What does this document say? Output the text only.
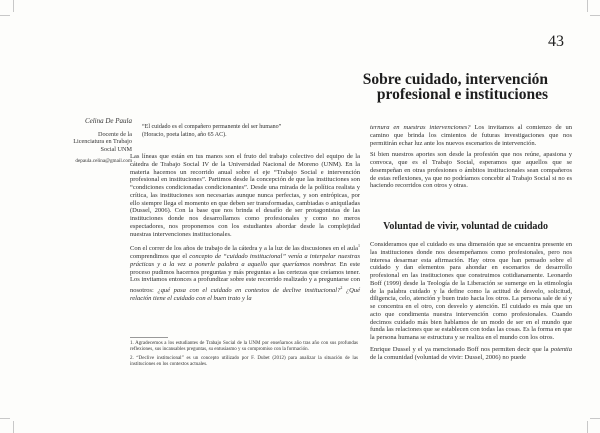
43
Sobre cuidado, intervención
profesional e instituciones
Celina De Paula
Docente de la
Licenciatura en Trabajo
Social UNM
depaula.celina@gmail.com
“El cuidado es el compañero permanente del ser humano”
(Horacio, poeta latino, año 65 AC).

Las líneas que están en tus manos son el fruto del trabajo colectivo del equipo de la cátedra de Trabajo Social IV de la Universidad Nacional de Moreno (UNM). En la materia hacemos un recorrido anual sobre el eje “Trabajo Social e intervención profesional en instituciones”. Partimos desde la concepción de que las instituciones son “condiciones condicionadas condicionantes”. Desde una mirada de la política realista y crítica, las instituciones son necesarias aunque nunca perfectas, y son entrópicas, por ello siempre llega el momento en que deben ser transformadas, cambiadas o aniquiladas (Dussel, 2006). Con la base que nos brinda el desafío de ser protagonistas de las instituciones donde nos desarrollamos como profesionales y como no meros espectadores, nos proponemos con los estudiantes abordar desde la complejidad nuestras intervenciones institucionales.

Con el correr de los años de trabajo de la cátedra y a la luz de las discusiones en el aula$^1$ comprendimos que el concepto de “cuidado institucional” venía a interpelar nuestras prácticas y a la vez a ponerle palabra a aquello que queríamos nombrar. En este proceso pudimos hacernos preguntas y más preguntas a las certezas que creíamos tener. Los invitamos entonces a profundizar sobre este recorrido realizado y a preguntarse con nosotros: ¿qué pasa con el cuidado en contextos de declive institucional?$^2$ ¿Qué relación tiene el cuidado con el buen trato y la

ternura en nuestras intervenciones? Los invitamos al comienzo de un camino que brinda los cimientos de futuras investigaciones que nos permitirán echar luz ante los nuevos escenarios de intervención.

Si bien nuestros aportes son desde la profesión que nos reúne, apasiona y convoca, que es el Trabajo Social, esperamos que aquellos que se desempeñan en otras profesiones o ámbitos institucionales sean compañeros de estas reflexiones, ya que no podríamos concebir al Trabajo Social si no es haciendo recorridos con otros y otras.

Voluntad de vivir, voluntad de cuidado

Consideramos que el cuidado es una dimensión que se encuentra presente en las instituciones donde nos desempeñamos como profesionales, pero nos interesa desarmar esta afirmación. Hay otros que han pensado sobre el cuidado y dan elementos para ahondar en escenarios de desarrollo profesional en las instituciones que construimos cotidianamente. Leonardo Boff (1999) desde la Teología de la Liberación se sumerge en la etimología de la palabra cuidado y la define como la actitud de desvelo, solicitud, diligencia, celo, atención y buen trato hacia los otros. La persona sale de sí y se concentra en el otro, con desvelo y atención. El cuidado es más que un acto que condimenta nuestra intervención como profesionales. Cuando decimos cuidado más bien hablamos de un modo de ser en el mundo que funda las relaciones que se establecen con todas las cosas. Es la forma en que la persona humana se estructura y se realiza en el mundo con los otros.

Enrique Dussel y el ya mencionado Boff nos permiten decir que la potentia de la comunidad (voluntad de vivir: Dussel, 2006) no puede

1. Agradecemos a los estudiantes de Trabajo Social de la UNM por enseñarnos año tras año con sus profundas reflexiones, sus incansables preguntas, su entusiasmo y su compromiso con la formación.

2. “Declive institucional” es un concepto utilizado por F. Dubet (2012) para analizar la situación de las instituciones en los contextos actuales.
